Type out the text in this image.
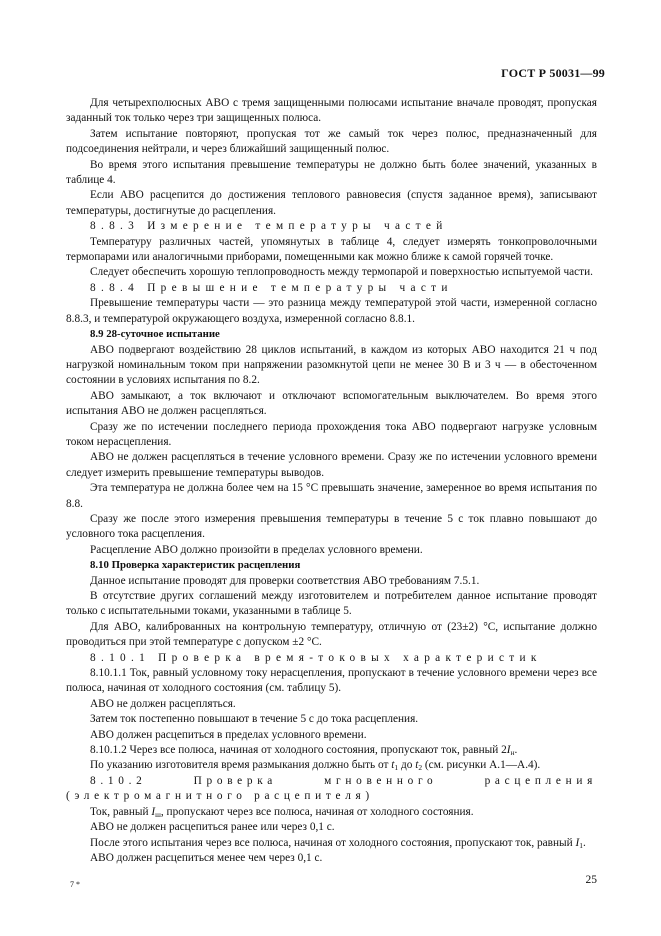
ГОСТ Р 50031—99

Для четырехполюсных АВО с тремя защищенными полюсами испытание вначале проводят, пропуская заданный ток только через три защищенных полюса.

Затем испытание повторяют, пропуская тот же самый ток через полюс, предназначенный для подсоединения нейтрали, и через ближайший защищенный полюс.

Во время этого испытания превышение температуры не должно быть более значений, указанных в таблице 4.

Если АВО расцепится до достижения теплового равновесия (спустя заданное время), записывают температуры, достигнутые до расцепления.

8.8.3 Измерение температуры частей

Температуру различных частей, упомянутых в таблице 4, следует измерять тонкопроволочными термопарами или аналогичными приборами, помещенными как можно ближе к самой горячей точке.

Следует обеспечить хорошую теплопроводность между термопарой и поверхностью испытуемой части.

8.8.4 Превышение температуры части

Превышение температуры части — это разница между температурой этой части, измеренной согласно 8.8.3, и температурой окружающего воздуха, измеренной согласно 8.8.1.

8.9 28-суточное испытание

АВО подвергают воздействию 28 циклов испытаний, в каждом из которых АВО находится 21 ч под нагрузкой номинальным током при напряжении разомкнутой цепи не менее 30 В и 3 ч — в обесточенном состоянии в условиях испытания по 8.2.

АВО замыкают, а ток включают и отключают вспомогательным выключателем. Во время этого испытания АВО не должен расцепляться.

Сразу же по истечении последнего периода прохождения тока АВО подвергают нагрузке условным током нерасцепления.

АВО не должен расцепляться в течение условного времени. Сразу же по истечении условного времени следует измерить превышение температуры выводов.

Эта температура не должна более чем на 15 °С превышать значение, замеренное во время испытания по 8.8.

Сразу же после этого измерения превышения температуры в течение 5 с ток плавно повышают до условного тока расцепления.

Расцепление АВО должно произойти в пределах условного времени.

8.10 Проверка характеристик расцепления

Данное испытание проводят для проверки соответствия АВО требованиям 7.5.1.

В отсутствие других соглашений между изготовителем и потребителем данное испытание проводят только с испытательными токами, указанными в таблице 5.

Для АВО, калиброванных на контрольную температуру, отличную от (23±2) °С, испытание должно проводиться при этой температуре с допуском ±2 °С.

8.10.1 Проверка время-токовых характеристик

8.10.1.1 Ток, равный условному току нерасцепления, пропускают в течение условного времени через все полюса, начиная от холодного состояния (см. таблицу 5).

АВО не должен расцепляться.

Затем ток постепенно повышают в течение 5 с до тока расцепления.

АВО должен расцепиться в пределах условного времени.

8.10.1.2 Через все полюса, начиная от холодного состояния, пропускают ток, равный $2I_н$.

По указанию изготовителя время размыкания должно быть от $t_1$ до $t_2$ (см. рисунки А.1—А.4).

8.10.2 Проверка мгновенного расцепления (электромагнитного расцепителя)

Ток, равный $I_ш$, пропускают через все полюса, начиная от холодного состояния.

АВО не должен расцепиться ранее или через 0,1 с.

После этого испытания через все полюса, начиная от холодного состояния, пропускают ток, равный $I_1$.

АВО должен расцепиться менее чем через 0,1 с.

7 *	25
